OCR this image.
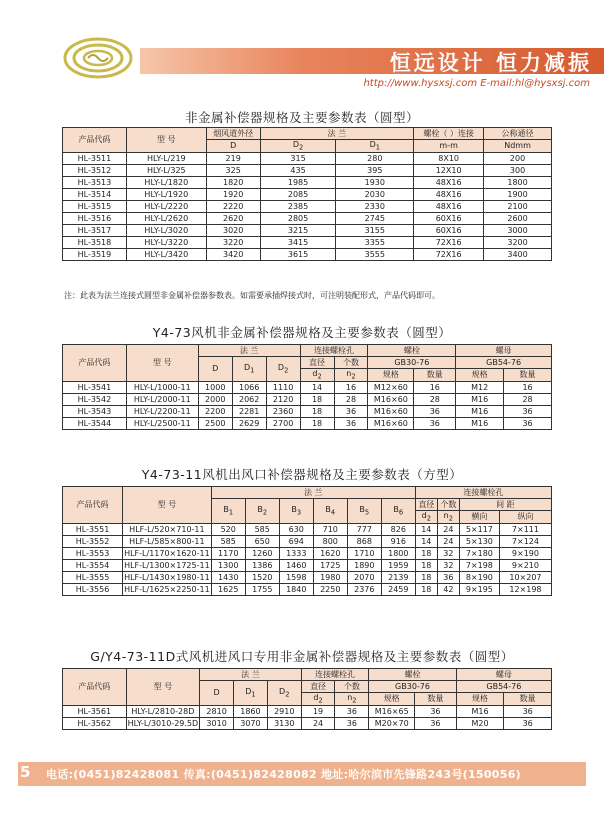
恒远设计 恒力减振
http://www.hysxsj.com E-mail:hl@hysxsj.com
非金属补偿器规格及主要参数表（圆型）
产品代码	型 号	烟风道外径	法 兰		螺栓（ ）连接	公称通径
		D	$D_2$	$D_1$	m-m	Ndmm
HL-3511	HLY-L/219	219	315	280	8X10	200
HL-3512	HLY-L/325	325	435	395	12X10	300
HL-3513	HLY-L/1820	1820	1985	1930	48X16	1800
HL-3514	HLY-L/1920	1920	2085	2030	48X16	1900
HL-3515	HLY-L/2220	2220	2385	2330	48X16	2100
HL-3516	HLY-L/2620	2620	2805	2745	60X16	2600
HL-3517	HLY-L/3020	3020	3215	3155	60X16	3000
HL-3518	HLY-L/3220	3220	3415	3355	72X16	3200
HL-3519	HLY-L/3420	3420	3615	3555	72X16	3400
注：此表为法兰连接式圆型非金属补偿器参数表。如需要承插焊接式时，可注明装配形式，产品代码即可。
Y4-73风机非金属补偿器规格及主要参数表（圆型）
产品代码	型 号	法 兰			连接螺栓孔		螺栓		螺母	
		D	$D_1$	$D_2$	直径	个数	GB30-76		GB54-76	
					$d_2$	$n_2$	规格	数量	规格	数量
HL-3541	HLY-L/1000-11	1000	1066	1110	14	16	M12×60	16	M12	16
HL-3542	HLY-L/2000-11	2000	2062	2120	18	28	M16×60	28	M16	28
HL-3543	HLY-L/2200-11	2200	2281	2360	18	36	M16×60	36	M16	36
HL-3544	HLY-L/2500-11	2500	2629	2700	18	36	M16×60	36	M16	36
Y4-73-11风机出风口补偿器规格及主要参数表（方型）
产品代码	型 号	法 兰						连接螺栓孔			
		$B_1$	$B_2$	$B_3$	$B_4$	$B_5$	$B_6$	直径	个数	间 距	
								$d_2$	$n_2$	横向	纵向
HL-3551	HLF-L/520×710-11	520	585	630	710	777	826	14	24	5×117	7×111
HL-3552	HLF-L/585×800-11	585	650	694	800	868	916	14	24	5×130	7×124
HL-3553	HLF-L/1170×1620-11	1170	1260	1333	1620	1710	1800	18	32	7×180	9×190
HL-3554	HLF-L/1300×1725-11	1300	1386	1460	1725	1890	1959	18	32	7×198	9×210
HL-3555	HLF-L/1430×1980-11	1430	1520	1598	1980	2070	2139	18	36	8×190	10×207
HL-3556	HLF-L/1625×2250-11	1625	1755	1840	2250	2376	2459	18	42	9×195	12×198
G/Y4-73-11D式风机进风口专用非金属补偿器规格及主要参数表（圆型）
产品代码	型 号	法 兰			连接螺栓孔		螺栓		螺母	
		D	$D_1$	$D_2$	直径	个数	GB30-76		GB54-76	
					$d_2$	$n_2$	规格	数量	规格	数量
HL-3561	HLY-L/2810-28D	2810	1860	2910	19	36	M16×65	36	M16	36
HL-3562	HLY-L/3010-29.5D	3010	3070	3130	24	36	M20×70	36	M20	36
5 电话:(0451)82428081 传真:(0451)82428082 地址:哈尔滨市先锋路243号(150056)
